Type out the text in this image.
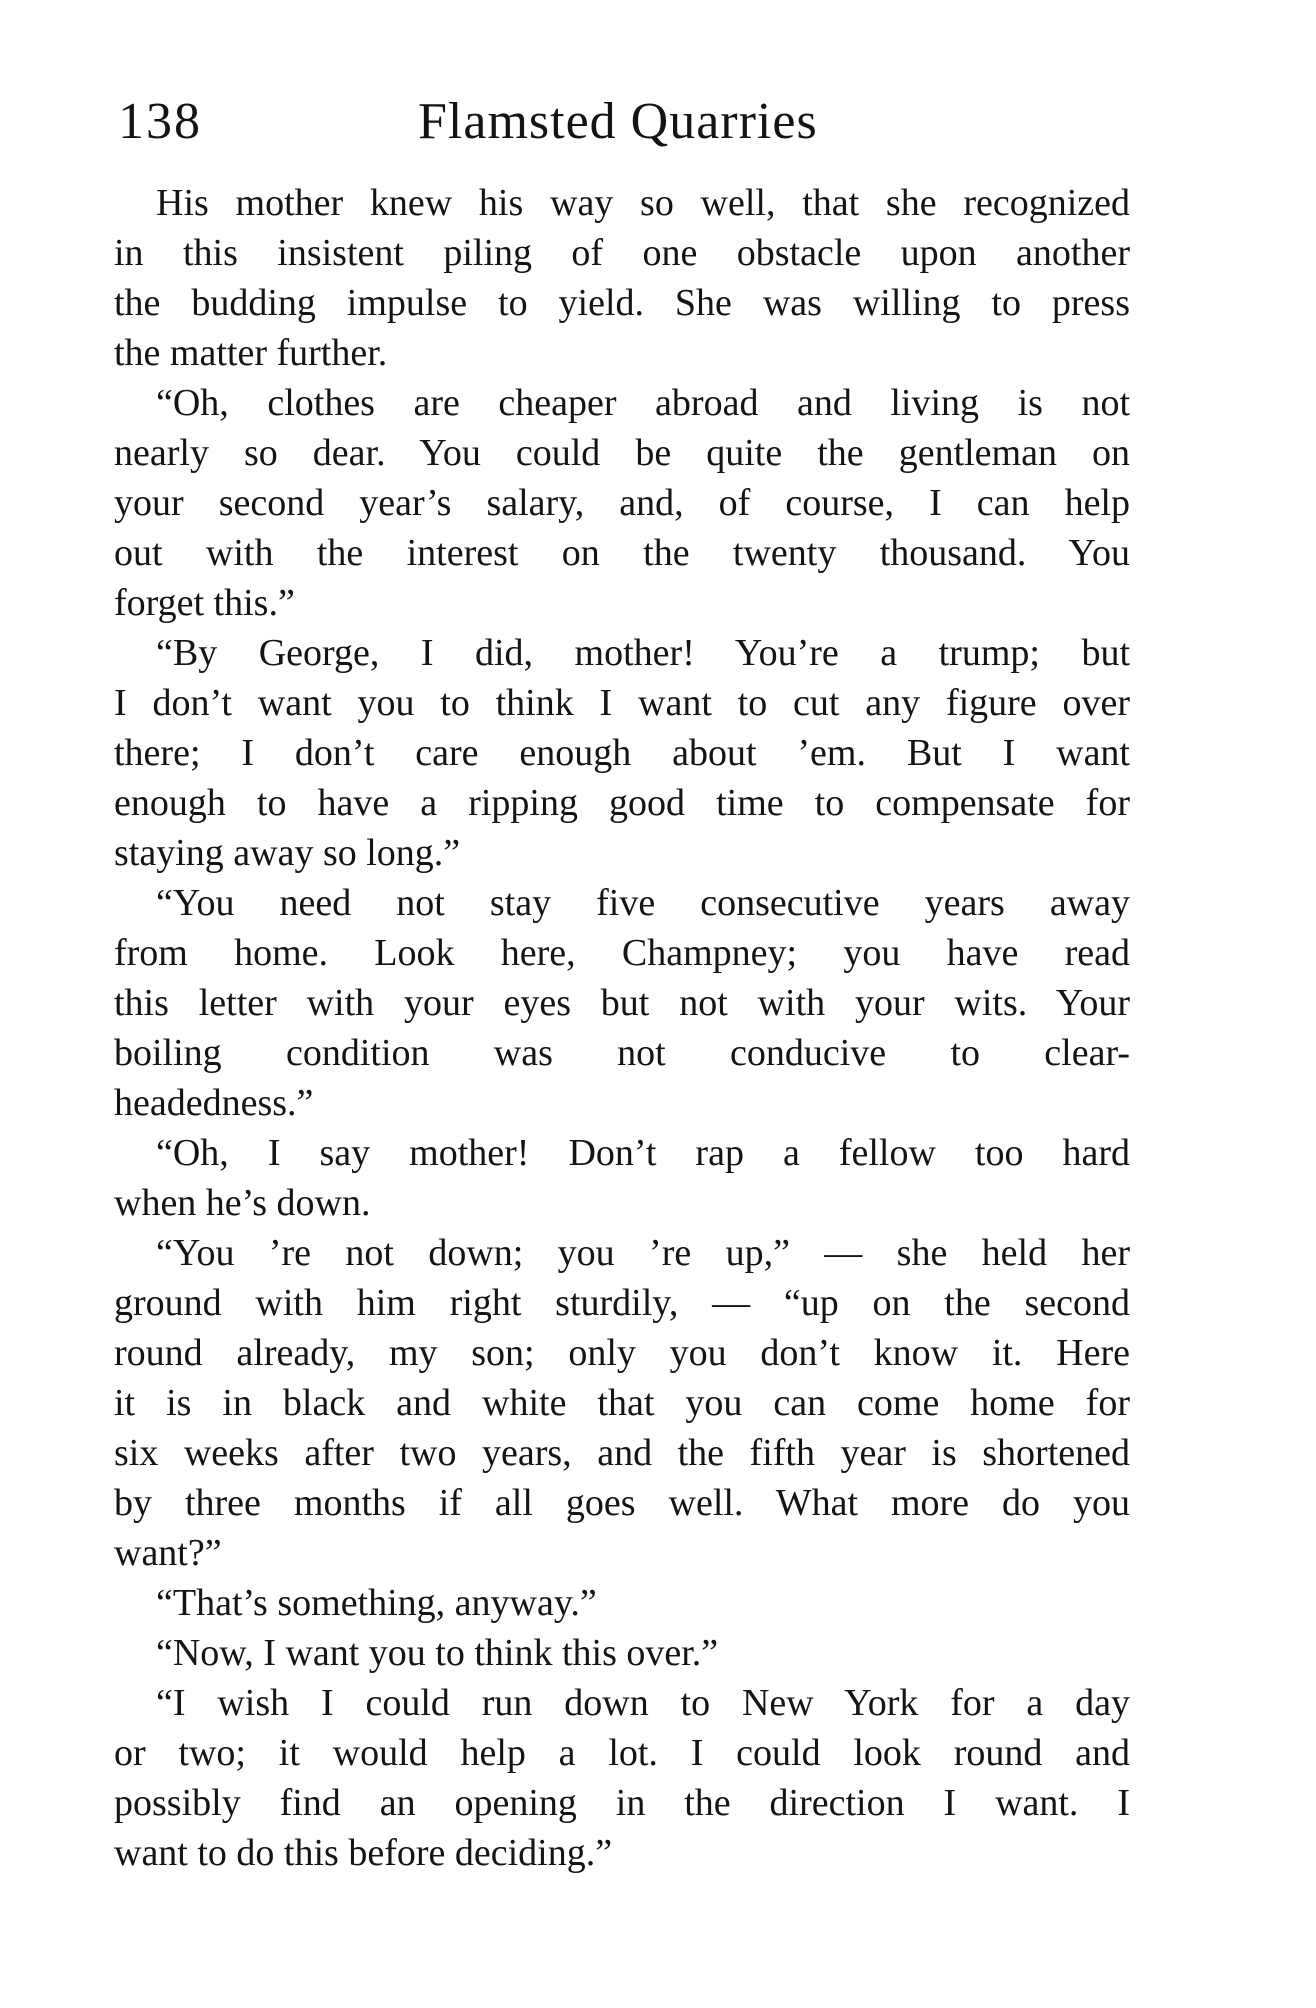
138	Flamsted Quarries
His mother knew his way so well, that she recognized
in this insistent piling of one obstacle upon another
the budding impulse to yield. She was willing to press
the matter further.
“Oh, clothes are cheaper abroad and living is not
nearly so dear. You could be quite the gentleman on
your second year’s salary, and, of course, I can help
out with the interest on the twenty thousand. You
forget this.”
“By George, I did, mother! You’re a trump; but
I don’t want you to think I want to cut any figure over
there; I don’t care enough about ’em. But I want
enough to have a ripping good time to compensate for
staying away so long.”
“You need not stay five consecutive years away
from home. Look here, Champney; you have read
this letter with your eyes but not with your wits. Your
boiling condition was not conducive to clear-
headedness.”
“Oh, I say mother! Don’t rap a fellow too hard
when he’s down.
“You ’re not down; you ’re up,” — she held her
ground with him right sturdily, — “up on the second
round already, my son; only you don’t know it. Here
it is in black and white that you can come home for
six weeks after two years, and the fifth year is shortened
by three months if all goes well. What more do you
want?”
“That’s something, anyway.”
“Now, I want you to think this over.”
“I wish I could run down to New York for a day
or two; it would help a lot. I could look round and
possibly find an opening in the direction I want. I
want to do this before deciding.”
